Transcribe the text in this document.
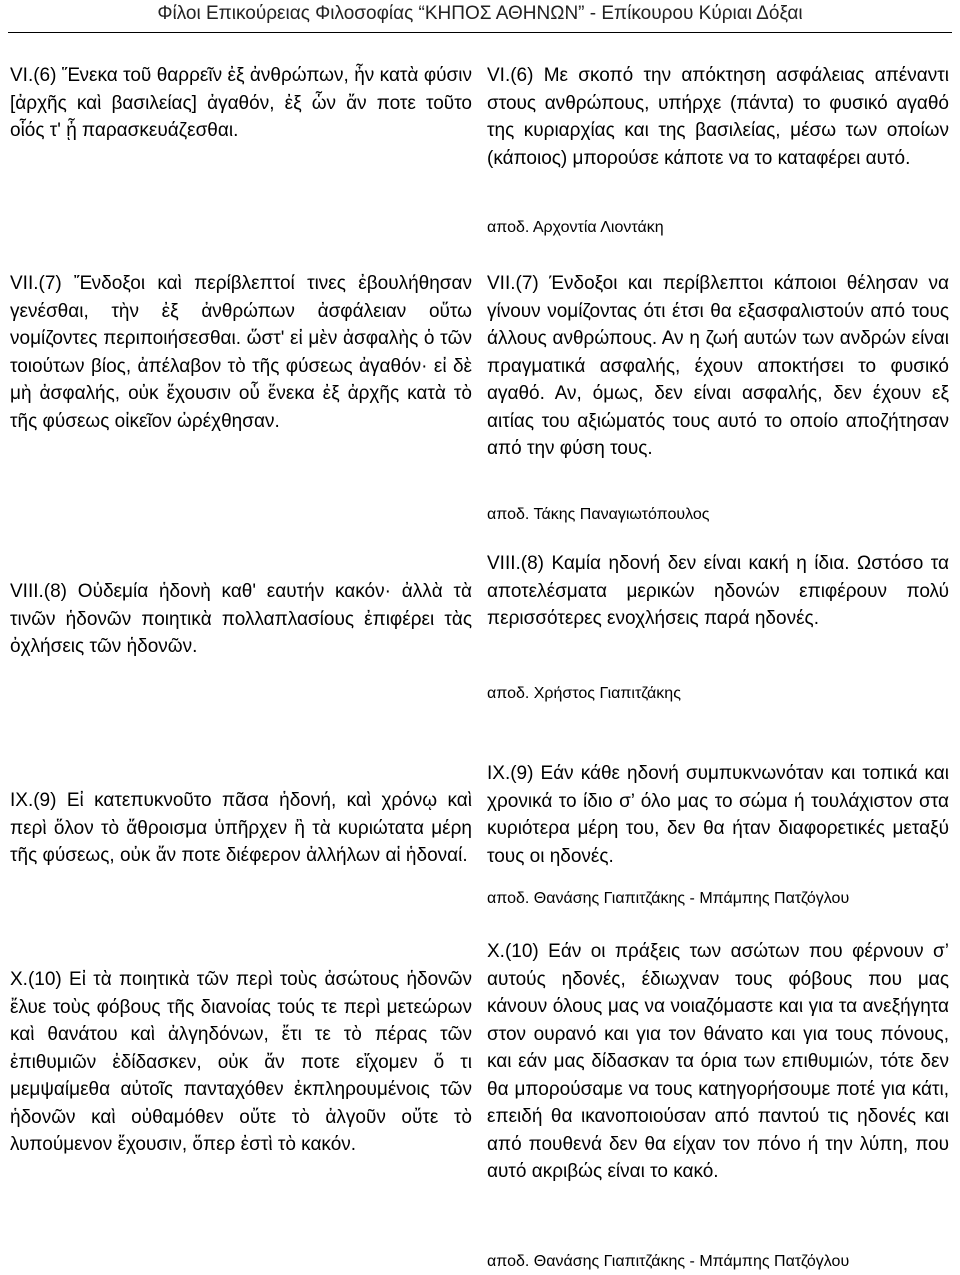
Φίλοι Επικούρειας Φιλοσοφίας “ΚΗΠΟΣ ΑΘΗΝΩΝ” - Επίκουρου Κύριαι Δόξαι

VI.(6) Ἕνεκα τοῦ θαρρεῖν ἐξ ἀνθρώπων, ἦν κατὰ φύσιν [ἀρχῆς καὶ βασιλείας] ἀγαθόν, ἐξ ὧν ἄν ποτε τοῦτο οἷός τ' ᾖ παρασκευάζεσθαι.

VI.(6) Με σκοπό την απόκτηση ασφάλειας απέναντι στους ανθρώπους, υπήρχε (πάντα) το φυσικό αγαθό της κυριαρχίας και της βασιλείας, μέσω των οποίων (κάποιος) μπορούσε κάποτε να το καταφέρει αυτό.

αποδ. Αρχοντία Λιοντάκη

VII.(7) Ἔνδοξοι καὶ περίβλεπτοί τινες ἐβουλήθησαν γενέσθαι, τὴν ἐξ ἀνθρώπων ἀσφάλειαν οὕτω νομίζοντες περιποιήσεσθαι. ὥστ' εἰ μὲν ἀσφαλὴς ὁ τῶν τοιούτων βίος, ἀπέλαβον τὸ τῆς φύσεως ἀγαθόν· εἰ δὲ μὴ ἀσφαλής, οὐκ ἔχουσιν οὗ ἕνεκα ἐξ ἀρχῆς κατὰ τὸ τῆς φύσεως οἰκεῖον ὠρέχθησαν.

VII.(7) Ένδοξοι και περίβλεπτοι κάποιοι θέλησαν να γίνουν νομίζοντας ότι έτσι θα εξασφαλιστούν από τους άλλους ανθρώπους. Αν η ζωή αυτών των ανδρών είναι πραγματικά ασφαλής, έχουν αποκτήσει το φυσικό αγαθό. Αν, όμως, δεν είναι ασφαλής, δεν έχουν εξ αιτίας του αξιώματός τους αυτό το οποίο αποζήτησαν από την φύση τους.

αποδ. Τάκης Παναγιωτόπουλος

VIII.(8) Οὐδεμία ἡδονὴ καθ' εαυτήν κακόν· ἀλλὰ τὰ τινῶν ἡδονῶν ποιητικὰ πολλαπλασίους ἐπιφέρει τὰς ὀχλήσεις τῶν ἡδονῶν.

VIII.(8) Καμία ηδονή δεν είναι κακή η ίδια. Ωστόσο τα αποτελέσματα μερικών ηδονών επιφέρουν πολύ περισσότερες ενοχλήσεις παρά ηδονές.

αποδ. Χρήστος Γιαπιτζάκης

IX.(9) Εἰ κατεπυκνοῦτο πᾶσα ἡδονή, καὶ χρόνῳ καὶ περὶ ὅλον τὸ ἄθροισμα ὑπῆρχεν ἢ τὰ κυριώτατα μέρη τῆς φύσεως, οὐκ ἄν ποτε διέφερον ἀλλήλων αἱ ἡδοναί.

IX.(9) Εάν κάθε ηδονή συμπυκνωνόταν και τοπικά και χρονικά το ίδιο σ’ όλο μας το σώμα ή τουλάχιστον στα κυριότερα μέρη του, δεν θα ήταν διαφορετικές μεταξύ τους οι ηδονές.

αποδ. Θανάσης Γιαπιτζάκης - Μπάμπης Πατζόγλου

X.(10) Εἰ τὰ ποιητικὰ τῶν περὶ τοὺς ἀσώτους ἡδονῶν ἔλυε τοὺς φόβους τῆς διανοίας τούς τε περὶ μετεώρων καὶ θανάτου καὶ ἀλγηδόνων, ἔτι τε τὸ πέρας τῶν ἐπιθυμιῶν ἐδίδασκεν, οὐκ ἄν ποτε εἴχομεν ὅ τι μεμψαίμεθα αὐτοῖς πανταχόθεν ἐκπληρουμένοις τῶν ἡδονῶν καὶ οὐθαμόθεν οὔτε τὸ ἀλγοῦν οὔτε τὸ λυπούμενον ἔχουσιν, ὅπερ ἐστὶ τὸ κακόν.

X.(10) Εάν οι πράξεις των ασώτων που φέρνουν σ’ αυτούς ηδονές, έδιωχναν τους φόβους που μας κάνουν όλους μας να νοιαζόμαστε και για τα ανεξήγητα στον ουρανό και για τον θάνατο και για τους πόνους, και εάν μας δίδασκαν τα όρια των επιθυμιών, τότε δεν θα μπορούσαμε να τους κατηγορήσουμε ποτέ για κάτι, επειδή θα ικανοποιούσαν από παντού τις ηδονές και από πουθενά δεν θα είχαν τον πόνο ή την λύπη, που αυτό ακριβώς είναι το κακό.

αποδ. Θανάσης Γιαπιτζάκης - Μπάμπης Πατζόγλου
